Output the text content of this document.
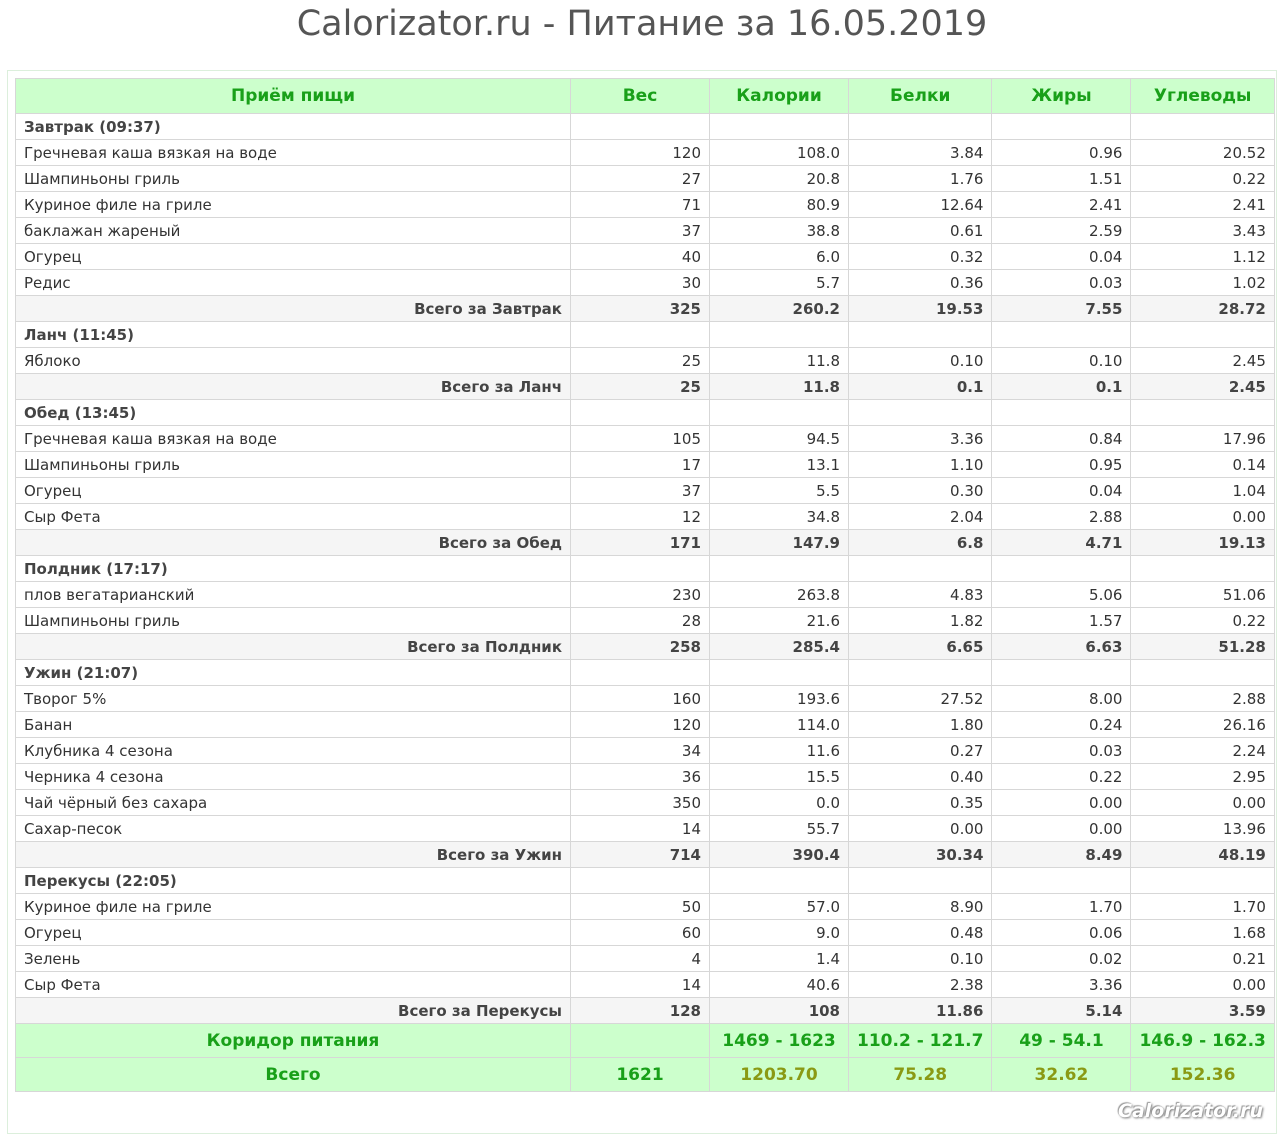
Calorizator.ru - Питание за 16.05.2019
Приём пищи	Вес	Калории	Белки	Жиры	Углеводы
Завтрак (09:37)					
Гречневая каша вязкая на воде	120	108.0	3.84	0.96	20.52
Шампиньоны гриль	27	20.8	1.76	1.51	0.22
Куриное филе на гриле	71	80.9	12.64	2.41	2.41
баклажан жареный	37	38.8	0.61	2.59	3.43
Огурец	40	6.0	0.32	0.04	1.12
Редис	30	5.7	0.36	0.03	1.02
Всего за Завтрак	325	260.2	19.53	7.55	28.72
Ланч (11:45)					
Яблоко	25	11.8	0.10	0.10	2.45
Всего за Ланч	25	11.8	0.1	0.1	2.45
Обед (13:45)					
Гречневая каша вязкая на воде	105	94.5	3.36	0.84	17.96
Шампиньоны гриль	17	13.1	1.10	0.95	0.14
Огурец	37	5.5	0.30	0.04	1.04
Сыр Фета	12	34.8	2.04	2.88	0.00
Всего за Обед	171	147.9	6.8	4.71	19.13
Полдник (17:17)					
плов вегатарианский	230	263.8	4.83	5.06	51.06
Шампиньоны гриль	28	21.6	1.82	1.57	0.22
Всего за Полдник	258	285.4	6.65	6.63	51.28
Ужин (21:07)					
Творог 5%	160	193.6	27.52	8.00	2.88
Банан	120	114.0	1.80	0.24	26.16
Клубника 4 сезона	34	11.6	0.27	0.03	2.24
Черника 4 сезона	36	15.5	0.40	0.22	2.95
Чай чёрный без сахара	350	0.0	0.35	0.00	0.00
Сахар-песок	14	55.7	0.00	0.00	13.96
Всего за Ужин	714	390.4	30.34	8.49	48.19
Перекусы (22:05)					
Куриное филе на гриле	50	57.0	8.90	1.70	1.70
Огурец	60	9.0	0.48	0.06	1.68
Зелень	4	1.4	0.10	0.02	0.21
Сыр Фета	14	40.6	2.38	3.36	0.00
Всего за Перекусы	128	108	11.86	5.14	3.59
Коридор питания		1469 - 1623	110.2 - 121.7	49 - 54.1	146.9 - 162.3
Всего	1621	1203.70	75.28	32.62	152.36
Calorizator.ru
